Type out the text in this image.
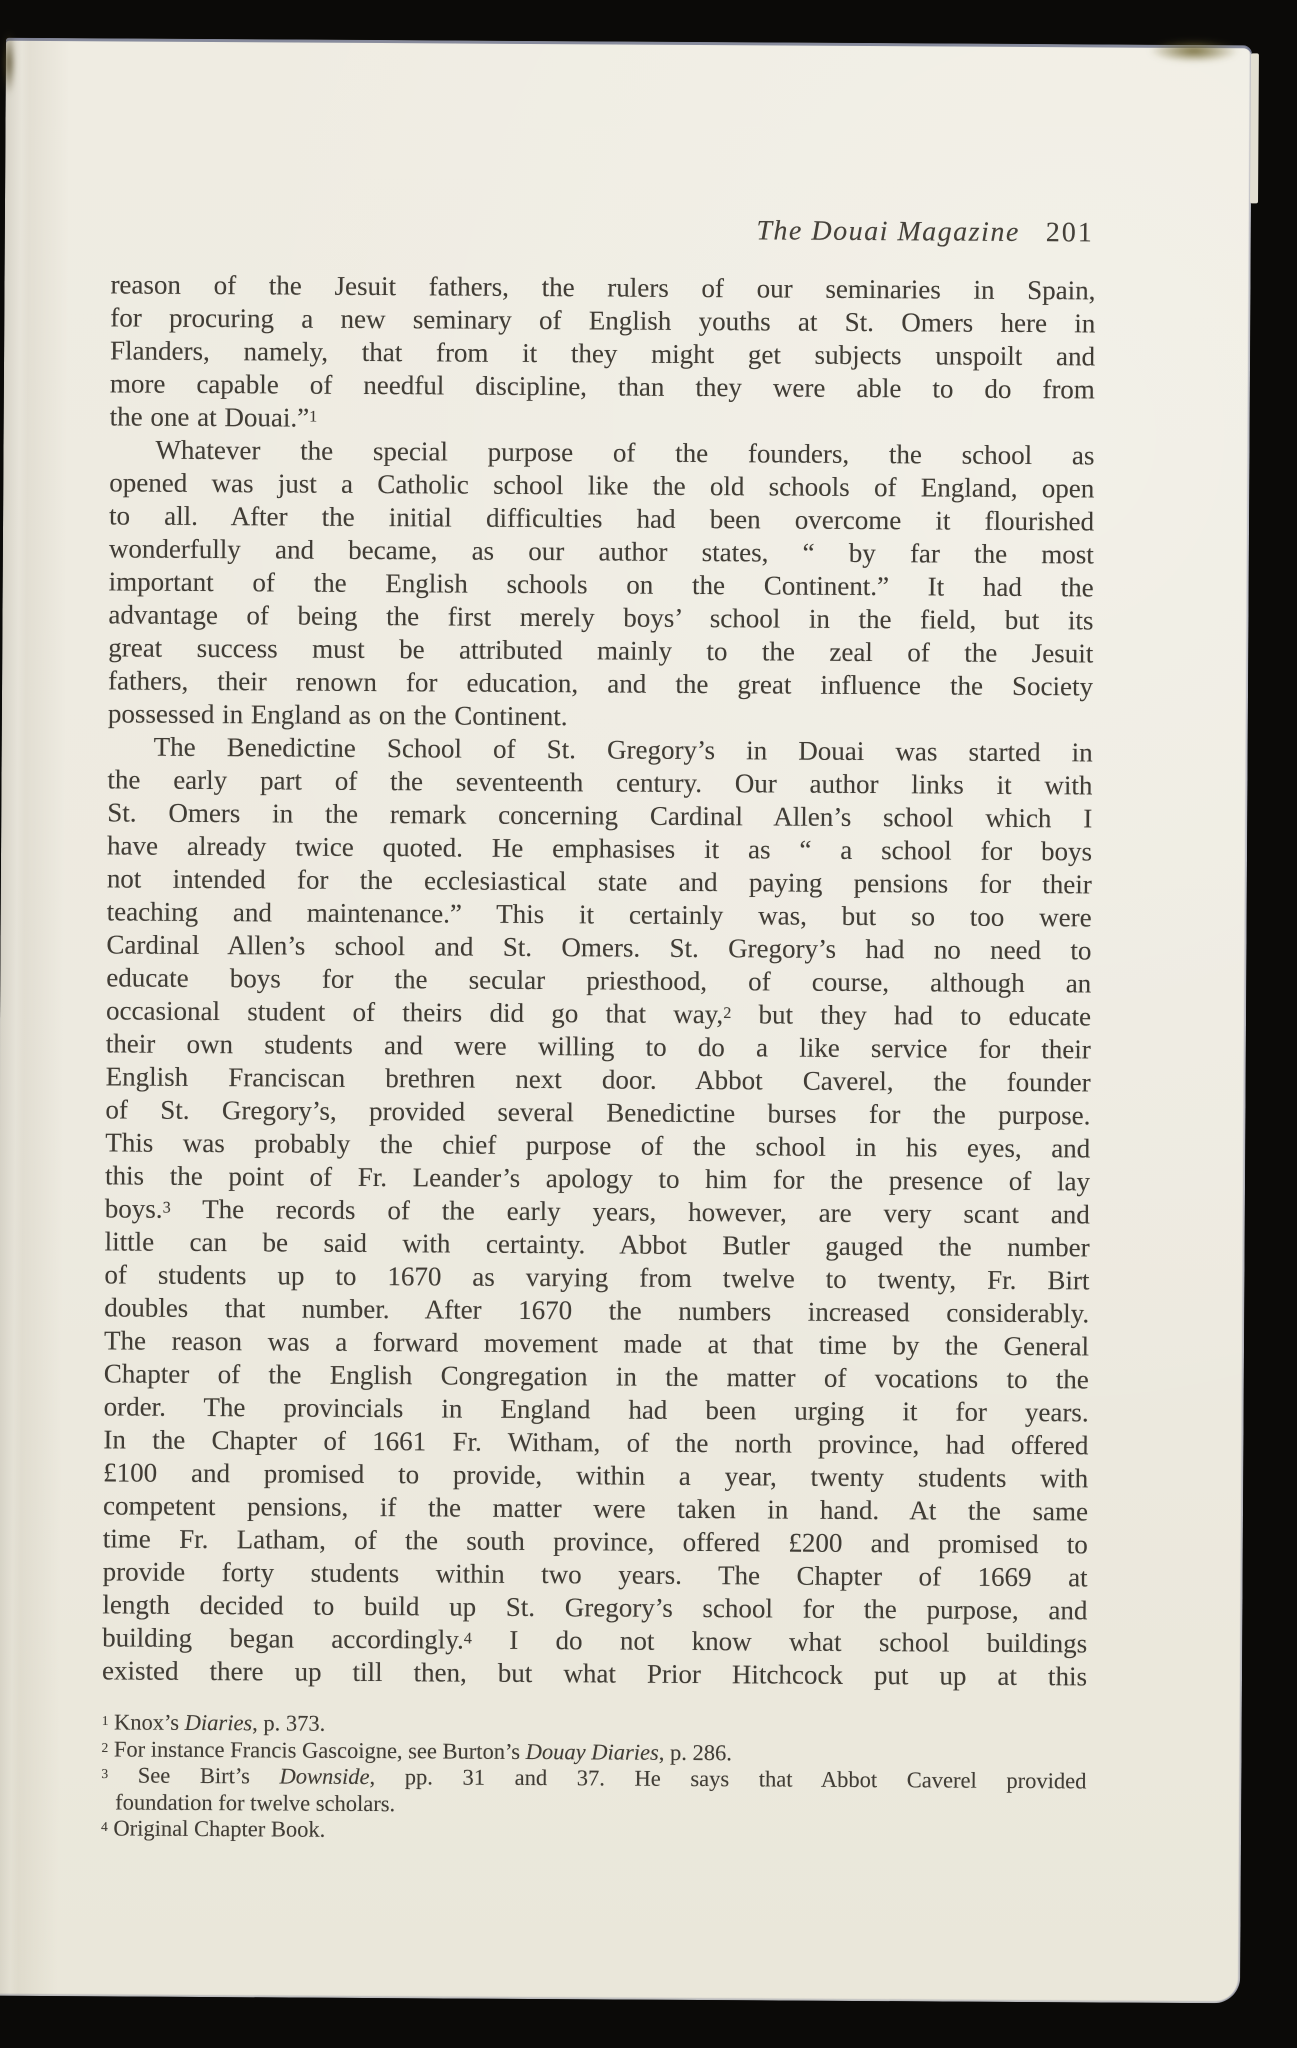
The Douai Magazine 201
reason of the Jesuit fathers, the rulers of our seminaries in Spain,
for procuring a new seminary of English youths at St. Omers here in
Flanders, namely, that from it they might get subjects unspoilt and
more capable of needful discipline, than they were able to do from
the one at Douai.”$^1$
Whatever the special purpose of the founders, the school as
opened was just a Catholic school like the old schools of England, open
to all. After the initial difficulties had been overcome it flourished
wonderfully and became, as our author states, “ by far the most
important of the English schools on the Continent.” It had the
advantage of being the first merely boys’ school in the field, but its
great success must be attributed mainly to the zeal of the Jesuit
fathers, their renown for education, and the great influence the Society
possessed in England as on the Continent.
The Benedictine School of St. Gregory’s in Douai was started in
the early part of the seventeenth century. Our author links it with
St. Omers in the remark concerning Cardinal Allen’s school which I
have already twice quoted. He emphasises it as “ a school for boys
not intended for the ecclesiastical state and paying pensions for their
teaching and maintenance.” This it certainly was, but so too were
Cardinal Allen’s school and St. Omers. St. Gregory’s had no need to
educate boys for the secular priesthood, of course, although an
occasional student of theirs did go that way,$^2$ but they had to educate
their own students and were willing to do a like service for their
English Franciscan brethren next door. Abbot Caverel, the founder
of St. Gregory’s, provided several Benedictine burses for the purpose.
This was probably the chief purpose of the school in his eyes, and
this the point of Fr. Leander’s apology to him for the presence of lay
boys.$^3$ The records of the early years, however, are very scant and
little can be said with certainty. Abbot Butler gauged the number
of students up to 1670 as varying from twelve to twenty, Fr. Birt
doubles that number. After 1670 the numbers increased considerably.
The reason was a forward movement made at that time by the General
Chapter of the English Congregation in the matter of vocations to the
order. The provincials in England had been urging it for years.
In the Chapter of 1661 Fr. Witham, of the north province, had offered
£100 and promised to provide, within a year, twenty students with
competent pensions, if the matter were taken in hand. At the same
time Fr. Latham, of the south province, offered £200 and promised to
provide forty students within two years. The Chapter of 1669 at
length decided to build up St. Gregory’s school for the purpose, and
building began accordingly.$^4$ I do not know what school buildings
existed there up till then, but what Prior Hitchcock put up at this
$^1$ Knox’s Diaries, p. 373.
$^2$ For instance Francis Gascoigne, see Burton’s Douay Diaries, p. 286.
$^3$ See Birt’s Downside, pp. 31 and 37. He says that Abbot Caverel provided
foundation for twelve scholars.
$^4$ Original Chapter Book.
